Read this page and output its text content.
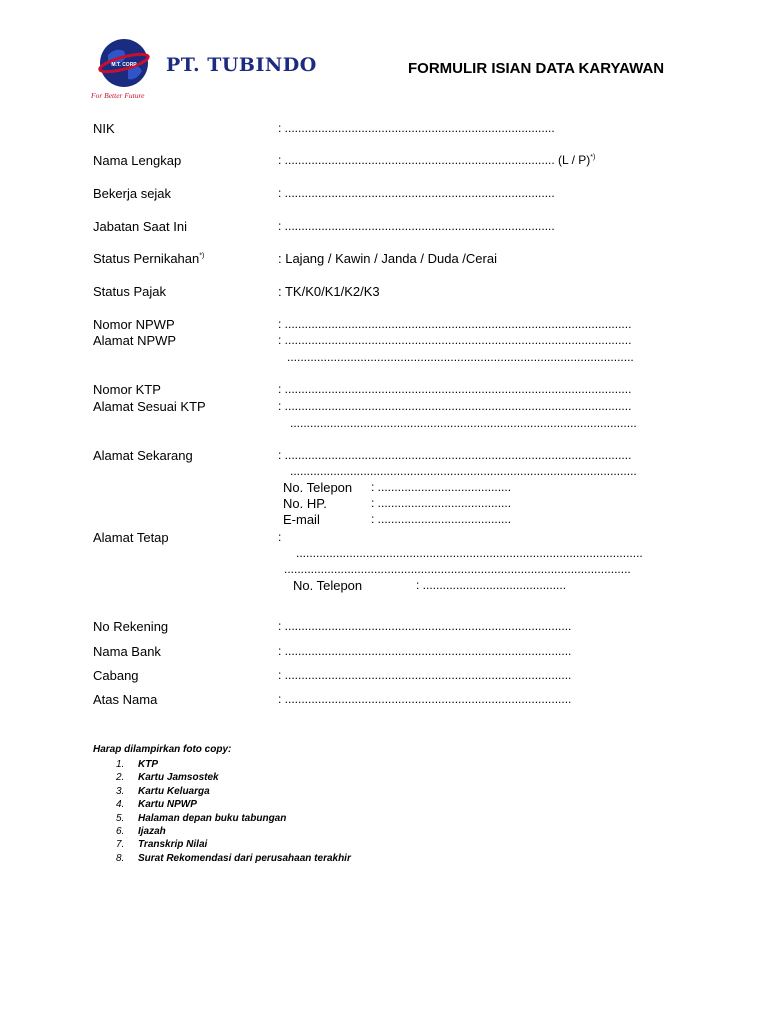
M.T. CORP
For Better Future
PT. TUBINDO	FORMULIR ISIAN DATA KARYAWAN
NIK	: .................................................................................
Nama Lengkap	: ................................................................................. (L / P)*)
Bekerja sejak	: .................................................................................
Jabatan Saat Ini	: .................................................................................
Status Pernikahan*)	: Lajang / Kawin / Janda / Duda /Cerai
Status Pajak	: TK/K0/K1/K2/K3
Nomor NPWP	: ........................................................................................................
Alamat NPWP	: ........................................................................................................
........................................................................................................
Nomor KTP	: ........................................................................................................
Alamat Sesuai KTP	: ........................................................................................................
........................................................................................................
Alamat Sekarang	: ........................................................................................................
........................................................................................................
No. Telepon : ........................................
No. HP.	: ........................................
E-mail	: ........................................
Alamat Tetap	:
........................................................................................................
........................................................................................................
No. Telepon	: ...........................................
No Rekening	: ......................................................................................
Nama Bank	: ......................................................................................
Cabang	: ......................................................................................
Atas Nama	: ......................................................................................
Harap dilampirkan foto copy:
1. KTP
2. Kartu Jamsostek
3. Kartu Keluarga
4. Kartu NPWP
5. Halaman depan buku tabungan
6. Ijazah
7. Transkrip Nilai
8. Surat Rekomendasi dari perusahaan terakhir
